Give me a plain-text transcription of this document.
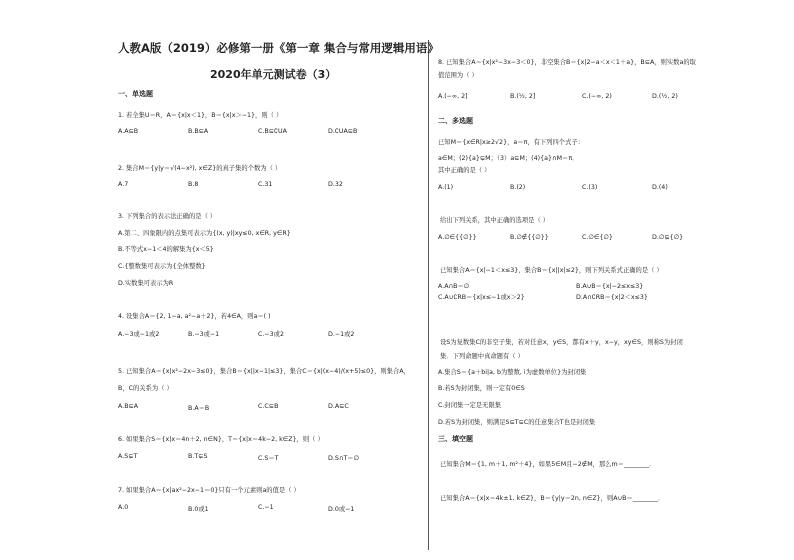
人教A版（2019）必修第一册《第一章 集合与常用逻辑用语》
2020年单元测试卷（3）
一、单选题
1. 若全集U＝R，A＝{x|x＜1}，B＝{x|x＞−1}，则（ ）
A.A⊆B	B.B⊆A	C.B⊆∁UA	D.∁UA⊆B
2. 集合M＝{y|y＝√(4−x²), x∈Z}的真子集的个数为（ ）
A.7	B.8	C.31	D.32
3. 下列集合的表示法正确的是（ ）
A.第二、四象限内的点集可表示为{(x, y)|xy≤0, x∈R, y∈R}
B.不等式x−1＜4的解集为{x＜5}
C.{整数集可表示为{全体整数}
D.实数集可表示为R
4. 设集合A＝{2, 1−a, a²−a＋2}，若4∈A，则a＝( )
A.−3或−1或2	B.−3或−1	C.−3或2	D.−1或2
5. 已知集合A＝{x|x²−2x−3≤0}，集合B＝{x||x−1|≤3}，集合C＝{x|(x−4)/(x+5)≤0}，则集合A，
B，C的关系为（ ）
A.B⊆A	B.A＝B	C.C⊆B	D.A⊆C
6. 如果集合S＝{x|x＝4n＋2, n∈N}，T＝{x|x＝4k−2, k∈Z}，则（ ）
A.S⊊T	B.T⊊S	C.S＝T	D.S∩T＝∅
7. 如果集合A＝{x|ax²−2x−1＝0}只有一个元素则a的值是（ ）
A.0	B.0或1	C.−1	D.0或−1
8. 已知集合A＝{x|x²−3x−3＜0}，非空集合B＝{x|2−a＜x＜1＋a}，B⊆A，则实数a的取
值范围为（ ）
A.(−∞, 2]	B.(½, 2]	C.(−∞, 2)	D.(½, 2)
二、多选题
已知M＝{x∈R|x≥2√2}，a＝π，有下列四个式子：
a∈M；(2){a}⊊M；（3）a⊆M；(4){a}∩M＝π．
其中正确的是（ ）
A.(1)	B.(2)	C.(3)	D.(4)
给出下列关系，其中正确的选项是（ ）
A.∅∈{{∅}}	B.∅∉{{∅}}	C.∅∈{∅}	D.∅⊊{∅}
已知集合A＝{x|−1＜x≤3}，集合B＝{x||x|≤2}，则下列关系式正确的是（ ）
A.A∩B＝∅	B.A∪B＝{x|−2≤x≤3}
C.A∪∁RB＝{x|x≤−1或x＞2}	D.A∩∁RB＝{x|2＜x≤3}
设S为复数集C的非空子集，若对任意x，y∈S，都有x＋y，x−y，xy∈S，则称S为封闭
集．下列命题中真命题有（ ）
A.集合S＝{a＋bi|a, b为整数, i为虚数单位}为封闭集
B.若S为封闭集，则一定有0∈S
C.封闭集一定是无限集
D.若S为封闭集，则满足S⊆T⊆C的任意集合T也是封闭集
三、填空题
已知集合M＝{1, m＋1, m²＋4}，如果5∈M且−2∉M，那么m＝________．
已知集合A＝{x|x＝4k±1, k∈Z}，B＝{y|y＝2n, n∈Z}，则A∪B＝________．
